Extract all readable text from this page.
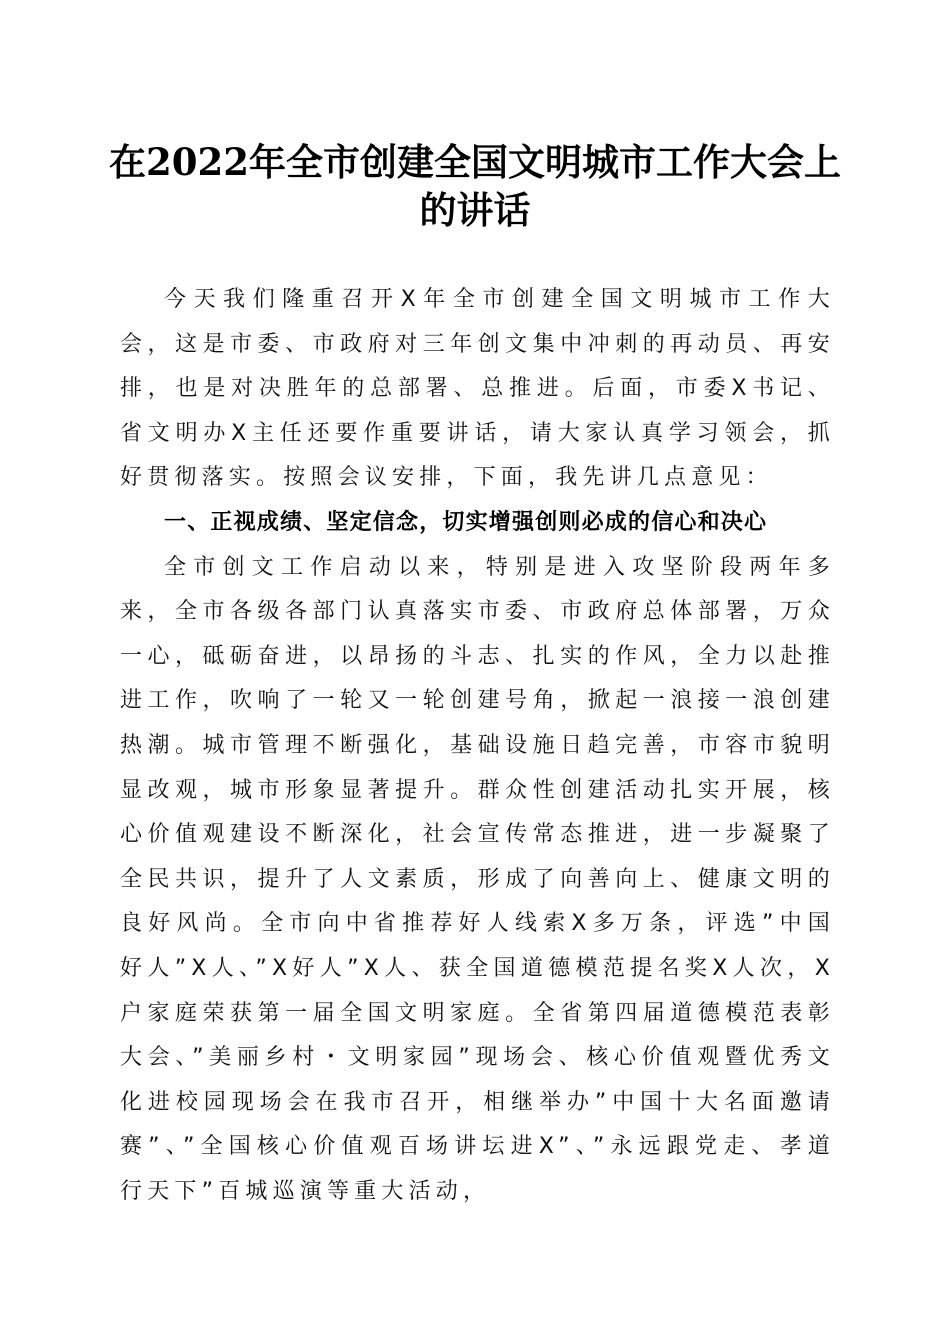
在2022年全市创建全国文明城市工作大会上
的讲话

今天我们隆重召开X年全市创建全国文明城市工作大会，这是市委、市政府对三年创文集中冲刺的再动员、再安排，也是对决胜年的总部署、总推进。后面，市委X书记、省文明办X主任还要作重要讲话，请大家认真学习领会，抓好贯彻落实。按照会议安排，下面，我先讲几点意见：

一、正视成绩、坚定信念，切实增强创则必成的信心和决心

全市创文工作启动以来，特别是进入攻坚阶段两年多来，全市各级各部门认真落实市委、市政府总体部署，万众一心，砥砺奋进，以昂扬的斗志、扎实的作风，全力以赴推进工作，吹响了一轮又一轮创建号角，掀起一浪接一浪创建热潮。城市管理不断强化，基础设施日趋完善，市容市貌明显改观，城市形象显著提升。群众性创建活动扎实开展，核心价值观建设不断深化，社会宣传常态推进，进一步凝聚了全民共识，提升了人文素质，形成了向善向上、健康文明的良好风尚。全市向中省推荐好人线索X多万条，评选”中国好人”X人、”X好人”X人、获全国道德模范提名奖X人次，X户家庭荣获第一届全国文明家庭。全省第四届道德模范表彰大会、”美丽乡村・文明家园”现场会、核心价值观暨优秀文化进校园现场会在我市召开，相继举办”中国十大名面邀请赛”、”全国核心价值观百场讲坛进X”、”永远跟党走、孝道行天下”百城巡演等重大活动，
